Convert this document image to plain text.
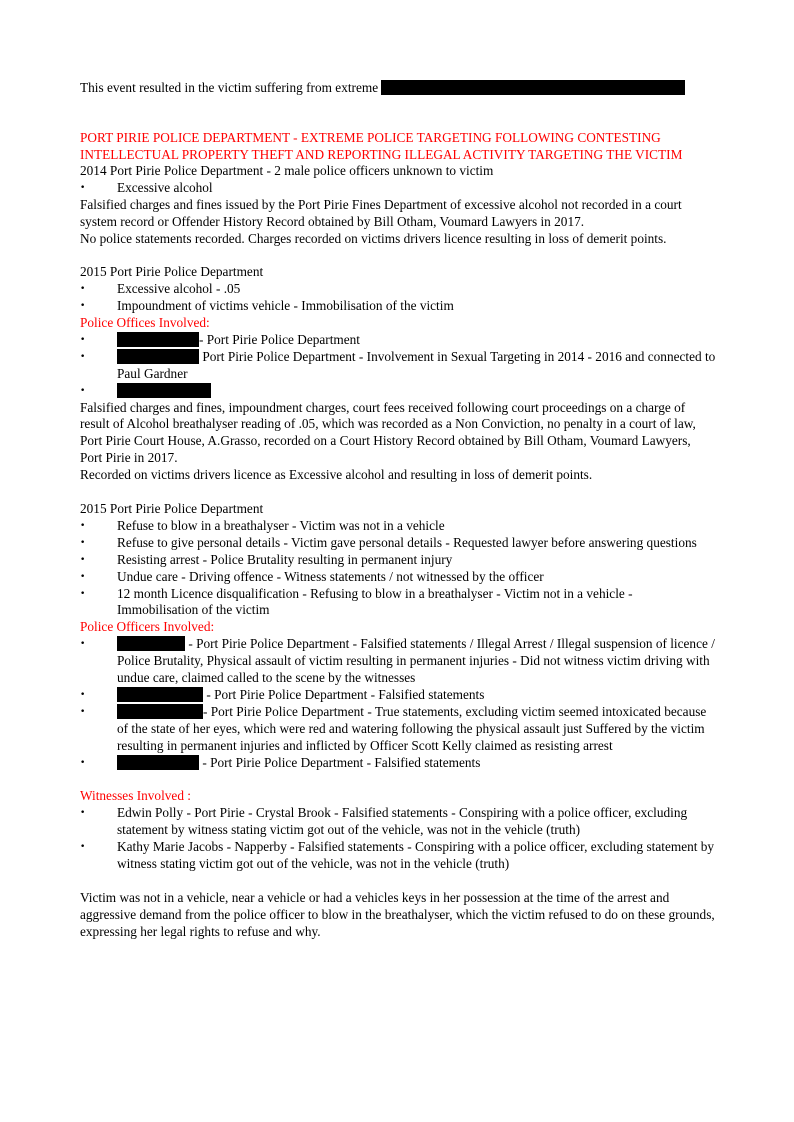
This event resulted in the victim suffering from extreme

PORT PIRIE POLICE DEPARTMENT - EXTREME POLICE TARGETING FOLLOWING CONTESTING INTELLECTUAL PROPERTY THEFT AND REPORTING ILLEGAL ACTIVITY TARGETING THE VICTIM

2014 Port Pirie Police Department - 2 male police officers unknown to victim

• Excessive alcohol

Falsified charges and fines issued by the Port Pirie Fines Department of excessive alcohol not recorded in a court system record or Offender History Record obtained by Bill Otham, Voumard Lawyers in 2017.

No police statements recorded. Charges recorded on victims drivers licence resulting in loss of demerit points.

2015 Port Pirie Police Department

• Excessive alcohol - .05
• Impoundment of victims vehicle - Immobilisation of the victim

Police Offices Involved:

•	- Port Pirie Police Department
•	Port Pirie Police Department - Involvement in Sexual Targeting in 2014 - 2016 and connected to Paul Gardner
•

Falsified charges and fines, impoundment charges, court fees received following court proceedings on a charge of result of Alcohol breathalyser reading of .05, which was recorded as a Non Conviction, no penalty in a court of law, Port Pirie Court House, A.Grasso, recorded on a Court History Record obtained by Bill Otham, Voumard Lawyers, Port Pirie in 2017.

Recorded on victims drivers licence as Excessive alcohol and resulting in loss of demerit points.

2015 Port Pirie Police Department

• Refuse to blow in a breathalyser - Victim was not in a vehicle
• Refuse to give personal details - Victim gave personal details - Requested lawyer before answering questions
• Resisting arrest - Police Brutality resulting in permanent injury
• Undue care - Driving offence - Witness statements / not witnessed by the officer
• 12 month Licence disqualification - Refusing to blow in a breathalyser - Victim not in a vehicle - Immobilisation of the victim

Police Officers Involved:

•	- Port Pirie Police Department - Falsified statements / Illegal Arrest / Illegal suspension of licence / Police Brutality, Physical assault of victim resulting in permanent injuries - Did not witness victim driving with undue care, claimed called to the scene by the witnesses
•	- Port Pirie Police Department - Falsified statements
•	- Port Pirie Police Department - True statements, excluding victim seemed intoxicated because of the state of her eyes, which were red and watering following the physical assault just Suffered by the victim resulting in permanent injuries and inflicted by Officer Scott Kelly claimed as resisting arrest
•	- Port Pirie Police Department - Falsified statements

Witnesses Involved :

• Edwin Polly - Port Pirie - Crystal Brook - Falsified statements - Conspiring with a police officer, excluding statement by witness stating victim got out of the vehicle, was not in the vehicle (truth)
• Kathy Marie Jacobs - Napperby - Falsified statements - Conspiring with a police officer, excluding statement by witness stating victim got out of the vehicle, was not in the vehicle (truth)

Victim was not in a vehicle, near a vehicle or had a vehicles keys in her possession at the time of the arrest and aggressive demand from the police officer to blow in the breathalyser, which the victim refused to do on these grounds, expressing her legal rights to refuse and why.
